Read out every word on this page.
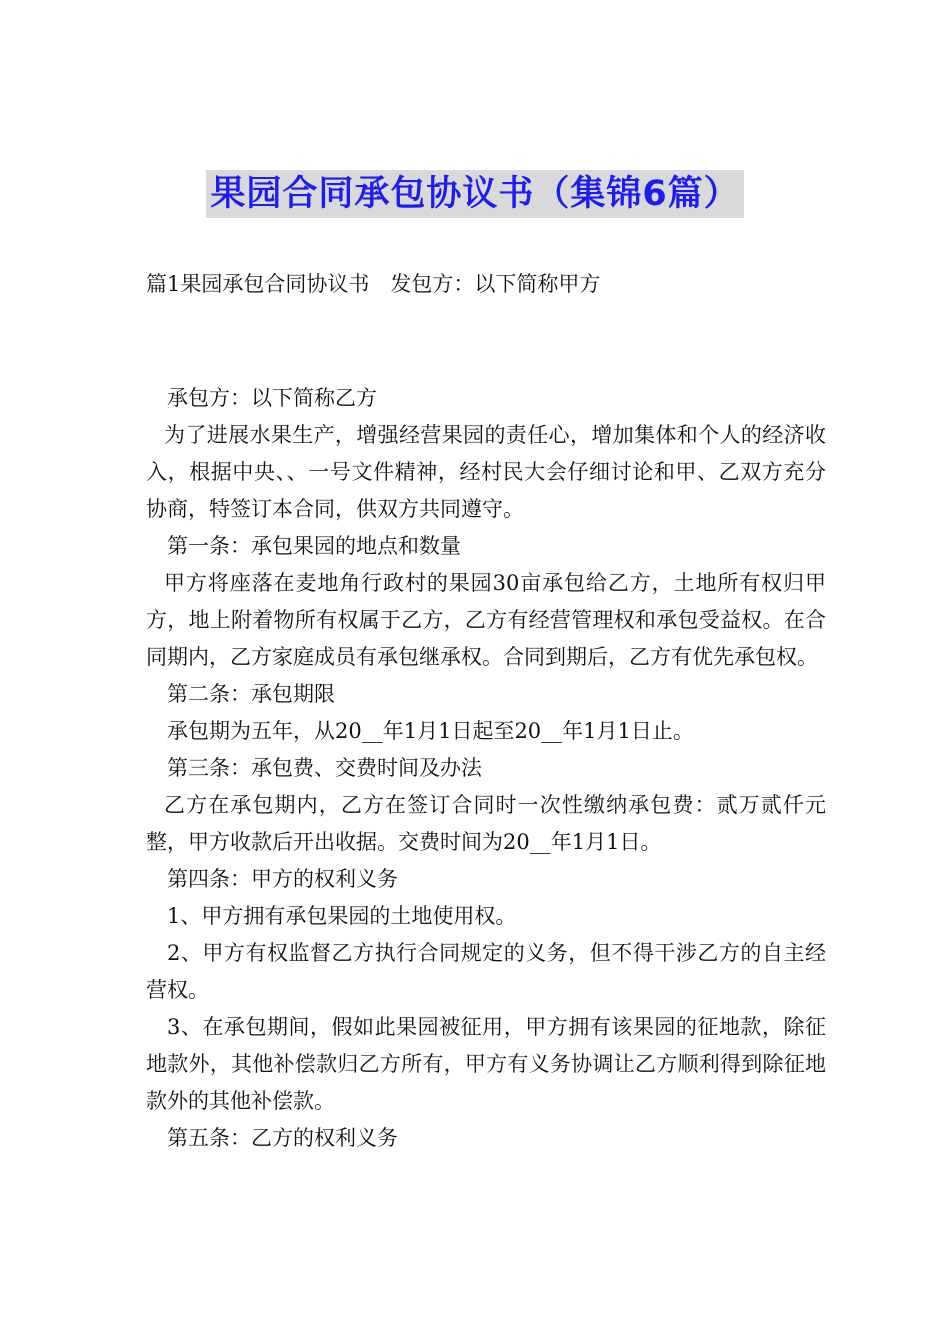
果园合同承包协议书（集锦6篇）
篇1果园承包合同协议书　发包方：以下简称甲方

承包方：以下简称乙方

为了进展水果生产，增强经营果园的责任心，增加集体和个人的经济收入，根据中央、、一号文件精神，经村民大会仔细讨论和甲、乙双方充分协商，特签订本合同，供双方共同遵守。

第一条：承包果园的地点和数量

甲方将座落在麦地角行政村的果园30亩承包给乙方，土地所有权归甲方，地上附着物所有权属于乙方，乙方有经营管理权和承包受益权。在合同期内，乙方家庭成员有承包继承权。合同到期后，乙方有优先承包权。

第二条：承包期限

承包期为五年，从20__年1月1日起至20__年1月1日止。

第三条：承包费、交费时间及办法

乙方在承包期内，乙方在签订合同时一次性缴纳承包费：贰万贰仟元整，甲方收款后开出收据。交费时间为20__年1月1日。

第四条：甲方的权利义务

1、甲方拥有承包果园的土地使用权。

2、甲方有权监督乙方执行合同规定的义务，但不得干涉乙方的自主经营权。

3、在承包期间，假如此果园被征用，甲方拥有该果园的征地款，除征地款外，其他补偿款归乙方所有，甲方有义务协调让乙方顺利得到除征地款外的其他补偿款。

第五条：乙方的权利义务
